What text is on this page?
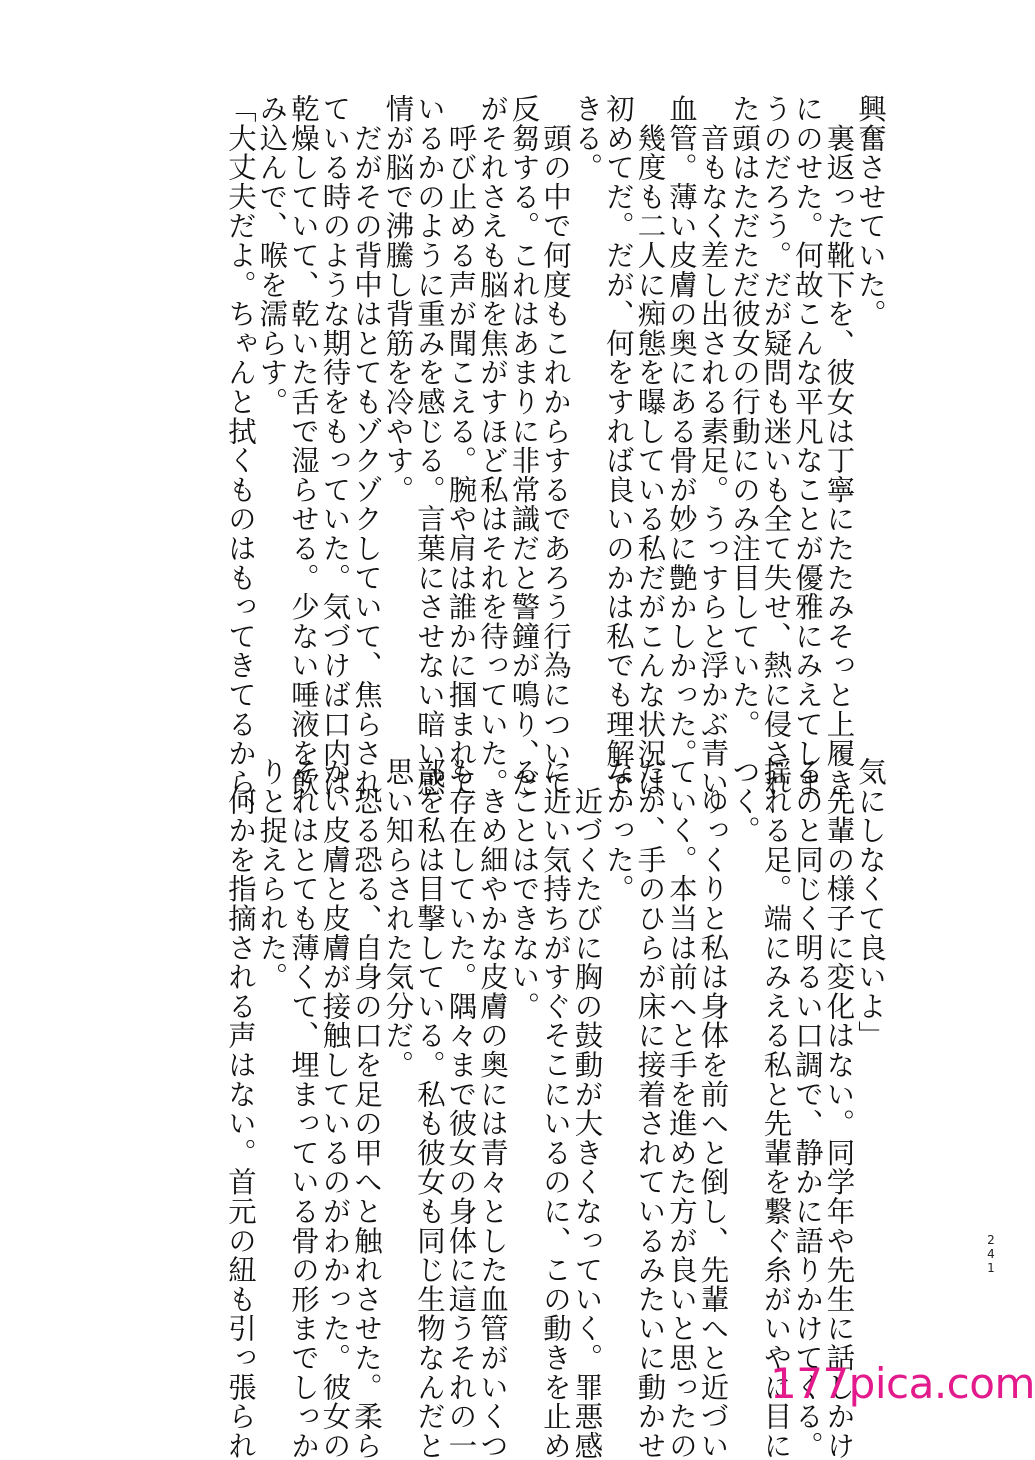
興奮させていた。

　裏返った靴下を、彼女は丁寧にたたみそっと上履き

にのせた。何故こんな平凡なことが優雅にみえてしま

うのだろう。だが疑問も迷いも全て失せ、熱に侵され

た頭はただただ彼女の行動にのみ注目していた。

　音もなく差し出される素足。うっすらと浮かぶ青い

血管。薄い皮膚の奥にある骨が妙に艶かしかった。

　幾度も二人に痴態を曝している私だがこんな状況は

初めてだ。だが、何をすれば良いのかは私でも理解で

きる。

　頭の中で何度もこれからするであろう行為について

反芻する。これはあまりに非常識だと警鐘が鳴り、だ

がそれさえも脳を焦がすほど私はそれを待っていた。

　呼び止める声が聞こえる。腕や肩は誰かに掴まれて

いるかのように重みを感じる。言葉にさせない暗い感

情が脳で沸騰し背筋を冷やす。

　だがその背中はとてもゾクゾクしていて、焦らされ

ている時のような期待をもっていた。気づけば口内は

乾燥していて、乾いた舌で湿らせる。少ない唾液を飲

み込んで、喉を濡らす。

「大丈夫だよ。ちゃんと拭くものはもってきてるから、

気にしなくて良いよ」

　先輩の様子に変化はない。同学年や先生に話しかけ

るのと同じく明るい口調で、静かに語りかけてくる。

揺れる足。端にみえる私と先輩を繋ぐ糸がいやに目に

つく。

　ゆっくりと私は身体を前へと倒し、先輩へと近づい

ていく。本当は前へと手を進めた方が良いと思ったの

だが、手のひらが床に接着されているみたいに動かせ

なかった。

　近づくたびに胸の鼓動が大きくなっていく。罪悪感

に近い気持ちがすぐそこにいるのに、この動きを止め

ることはできない。

　きめ細やかな皮膚の奥には青々とした血管がいくつ

も存在していた。隅々まで彼女の身体に這うそれの一

部を私は目撃している。私も彼女も同じ生物なんだと

思い知らされた気分だ。

　恐る恐る、自身の口を足の甲へと触れさせた。柔ら

かい皮膚と皮膚が接触しているのがわかった。彼女の

それはとても薄くて、埋まっている骨の形までしっか

りと捉えられた。

　何かを指摘される声はない。首元の紐も引っ張られ	2
4
1
177pica.com
